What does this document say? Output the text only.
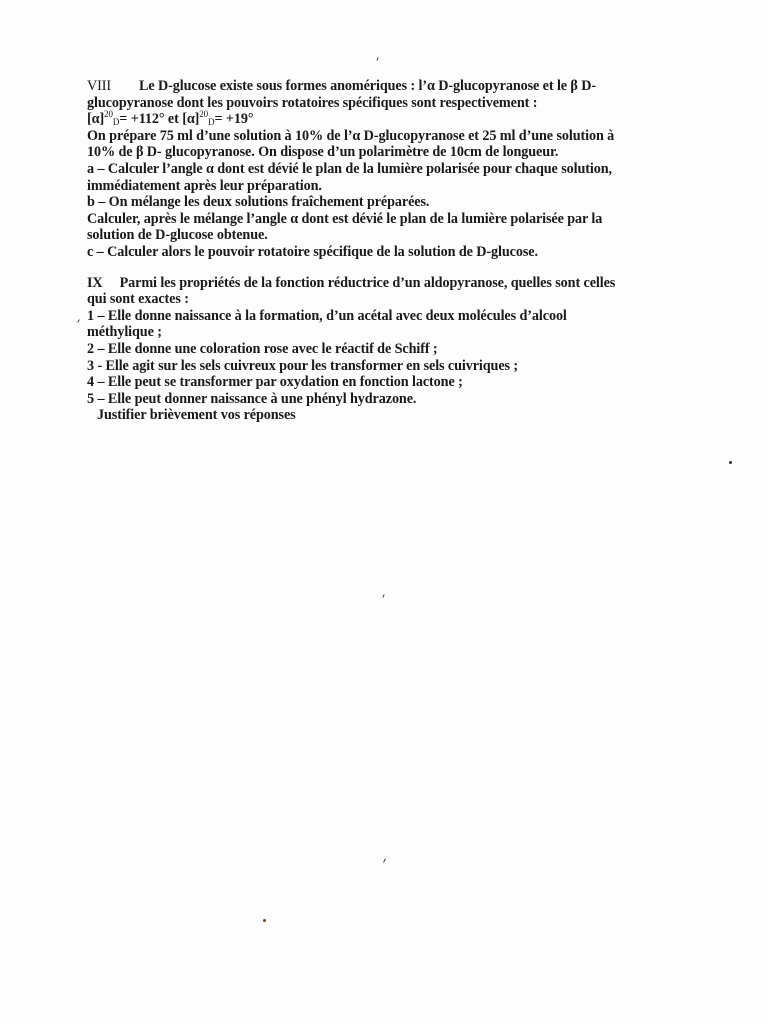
VIII Le D-glucose existe sous formes anomériques : l’α D-glucopyranose et le β D-
glucopyranose dont les pouvoirs rotatoires spécifiques sont respectivement :
$[\alpha]^{20}_D= +112^\circ$ et $[\alpha]^{20}_D= +19^\circ$
On prépare 75 ml d’une solution à 10% de l’α D-glucopyranose et 25 ml d’une solution à
10% de β D- glucopyranose. On dispose d’un polarimètre de 10cm de longueur.
a – Calculer l’angle α dont est dévié le plan de la lumière polarisée pour chaque solution,
immédiatement après leur préparation.
b – On mélange les deux solutions fraîchement préparées.
Calculer, après le mélange l’angle α dont est dévié le plan de la lumière polarisée par la
solution de D-glucose obtenue.
c – Calculer alors le pouvoir rotatoire spécifique de la solution de D-glucose.
IX Parmi les propriétés de la fonction réductrice d’un aldopyranose, quelles sont celles
qui sont exactes :
1 – Elle donne naissance à la formation, d’un acétal avec deux molécules d’alcool
méthylique ;
2 – Elle donne une coloration rose avec le réactif de Schiff ;
3 - Elle agit sur les sels cuivreux pour les transformer en sels cuivriques ;
4 – Elle peut se transformer par oxydation en fonction lactone ;
5 – Elle peut donner naissance à une phényl hydrazone.
Justifier brièvement vos réponses
